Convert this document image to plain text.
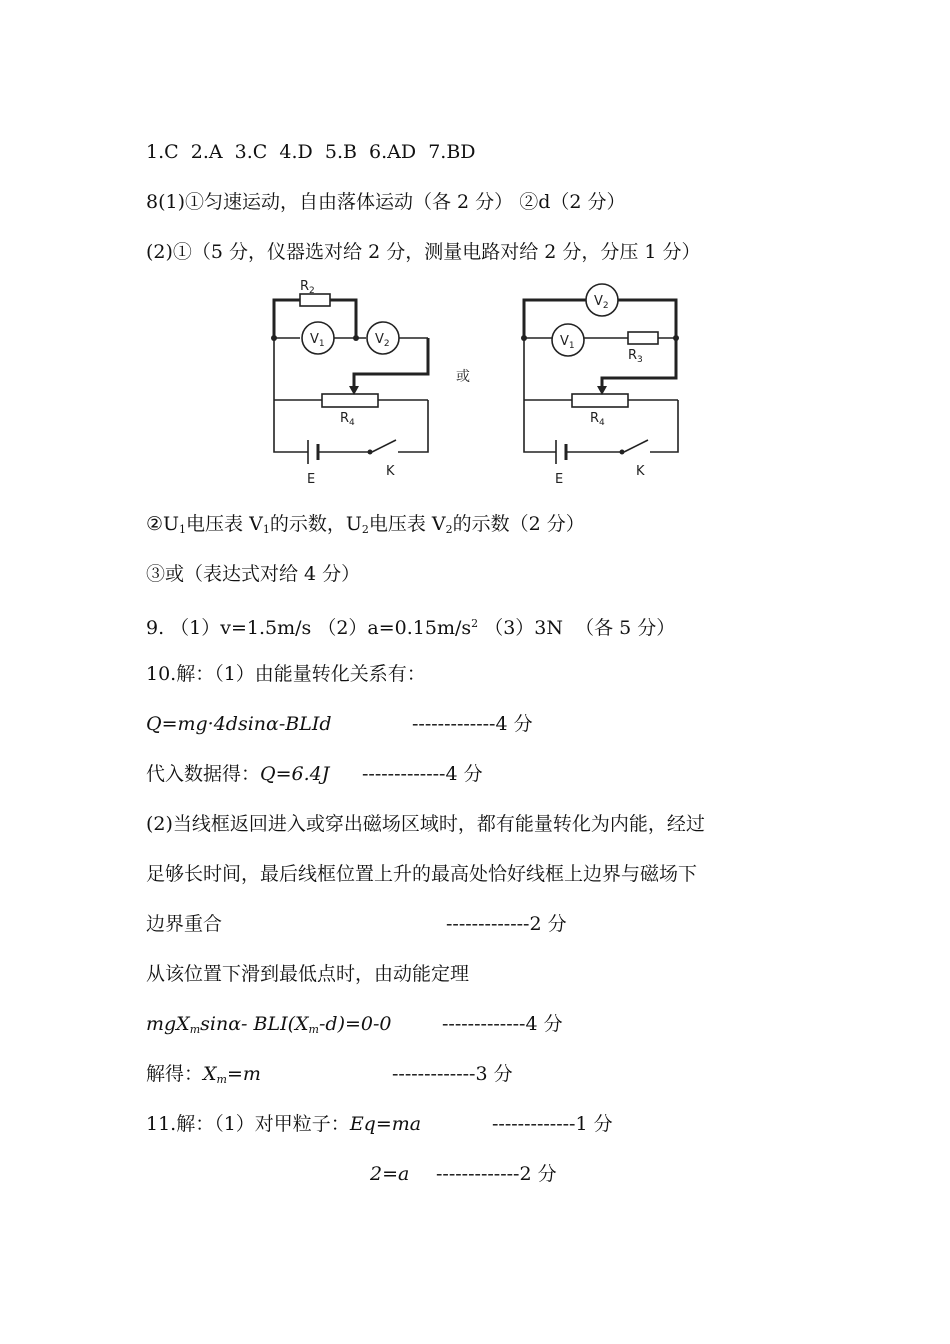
1.C  2.A  3.C  4.D  5.B  6.AD  7.BD
8(1)①匀速运动，自由落体运动（各 2 分） ②d（2 分）
(2)①（5 分，仪器选对给 2 分，测量电路对给 2 分，分压 1 分）
$R_2$
$V_1$	$V_2$
$R_4$
E
K
或
$V_2$
$V_1$
$R_3$
$R_4$
E
K
$②U_1$电压表 $V_1$的示数，$U_2$电压表 $V_2$的示数（2 分）
③或（表达式对给 4 分）
9. （1）v=1.5m/s $(2)a=0.15m/s^2$ （3）3N  （各 5 分）
10.解：（1）由能量转化关系有：
Q=mg·4dsinα-BLId	-------------4 分
代入数据得：Q=6.4J -------------4 分
(2)当线框返回进入或穿出磁场区域时，都有能量转化为内能，经过
足够长时间，最后线框位置上升的最高处恰好线框上边界与磁场下
边界重合	-------------2 分
从该位置下滑到最低点时，由动能定理
mgX$_m$sinα- $BLI(X_m-d)=0-0$	-------------4 分
解得：$X_m=m$	-------------3 分
11.解：（1）对甲粒子：Eq=ma	-------------1 分
2=a -------------2 分
